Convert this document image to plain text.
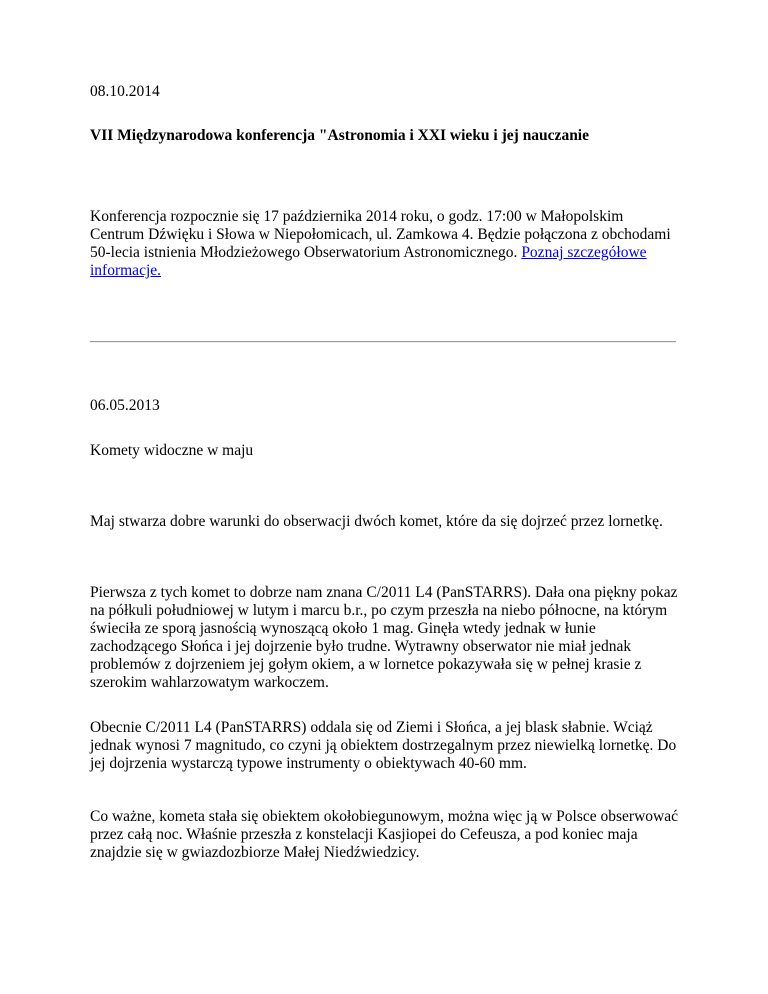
08.10.2014

VII Międzynarodowa konferencja "Astronomia i XXI wieku i jej nauczanie

Konferencja rozpocznie się 17 października 2014 roku, o godz. 17:00 w Małopolskim Centrum Dźwięku i Słowa w Niepołomicach, ul. Zamkowa 4. Będzie połączona z obchodami 50-lecia istnienia Młodzieżowego Obserwatorium Astronomicznego. Poznaj szczegółowe informacje.

06.05.2013

Komety widoczne w maju

Maj stwarza dobre warunki do obserwacji dwóch komet, które da się dojrzeć przez lornetkę.

Pierwsza z tych komet to dobrze nam znana C/2011 L4 (PanSTARRS). Dała ona piękny pokaz na półkuli południowej w lutym i marcu b.r., po czym przeszła na niebo północne, na którym świeciła ze sporą jasnością wynoszącą około 1 mag. Ginęła wtedy jednak w łunie zachodzącego Słońca i jej dojrzenie było trudne. Wytrawny obserwator nie miał jednak problemów z dojrzeniem jej gołym okiem, a w lornetce pokazywała się w pełnej krasie z szerokim wahlarzowatym warkoczem.

Obecnie C/2011 L4 (PanSTARRS) oddala się od Ziemi i Słońca, a jej blask słabnie. Wciąż jednak wynosi 7 magnitudo, co czyni ją obiektem dostrzegalnym przez niewielką lornetkę. Do jej dojrzenia wystarczą typowe instrumenty o obiektywach 40-60 mm.

Co ważne, kometa stała się obiektem okołobiegunowym, można więc ją w Polsce obserwować przez całą noc. Właśnie przeszła z konstelacji Kasjiopei do Cefeusza, a pod koniec maja znajdzie się w gwiazdozbiorze Małej Niedźwiedzicy.
